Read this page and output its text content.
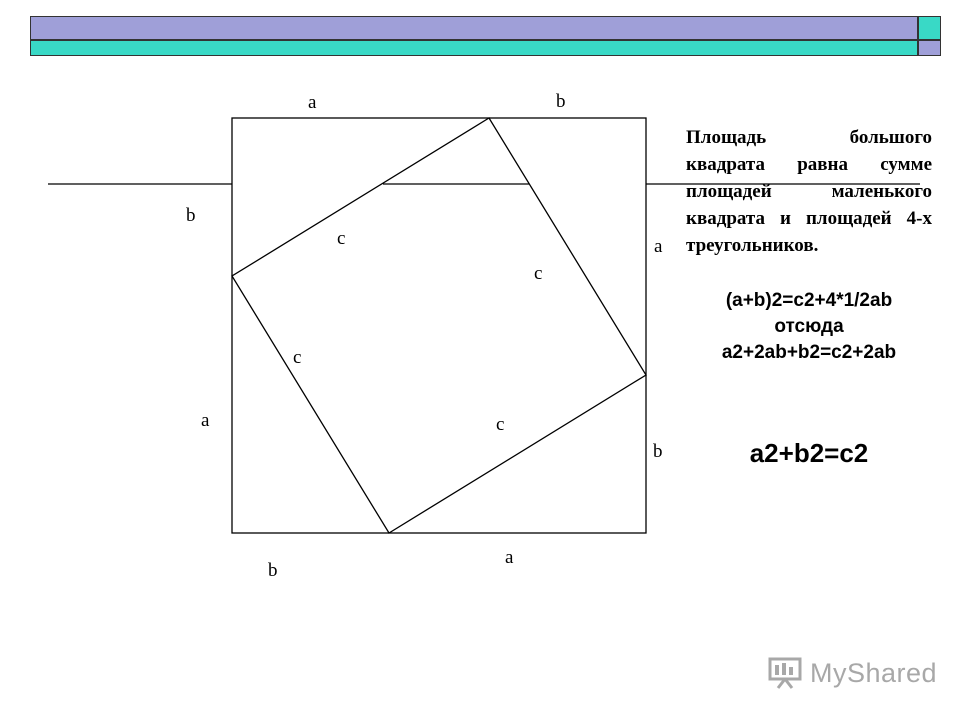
a	b
b
a
a
b
b
a
c
c
c
c
Площадь большого квадрата равна сумме площадей маленького квадрата и площадей 4-х треугольников.
(a+b)2=c2+4*1/2ab
отсюда
a2+2ab+b2=c2+2ab
a2+b2=c2
MyShared
